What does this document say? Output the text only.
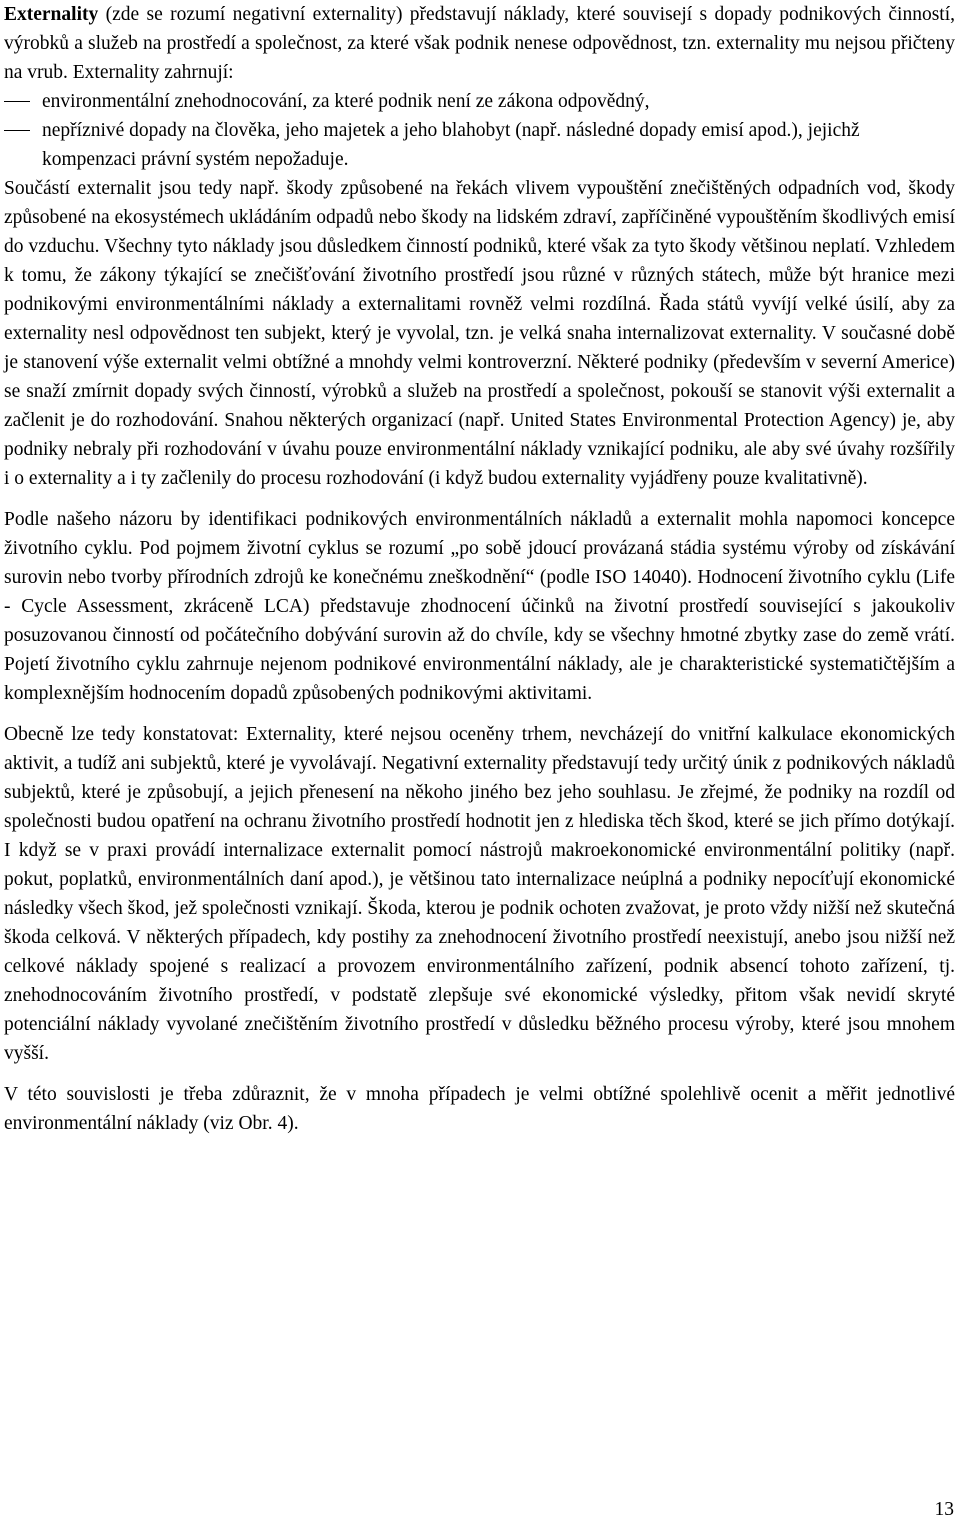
Externality (zde se rozumí negativní externality) představují náklady, které souvisejí s dopady podnikových činností, výrobků a služeb na prostředí a společnost, za které však podnik nenese odpovědnost, tzn. externality mu nejsou přičteny na vrub. Externality zahrnují:

environmentální znehodnocování, za které podnik není ze zákona odpovědný,
nepříznivé dopady na člověka, jeho majetek a jeho blahobyt (např. následné dopady emisí apod.), jejichž kompenzaci právní systém nepožaduje.

Součástí externalit jsou tedy např. škody způsobené na řekách vlivem vypouštění znečištěných odpadních vod, škody způsobené na ekosystémech ukládáním odpadů nebo škody na lidském zdraví, zapříčiněné vypouštěním škodlivých emisí do vzduchu. Všechny tyto náklady jsou důsledkem činností podniků, které však za tyto škody většinou neplatí. Vzhledem k tomu, že zákony týkající se znečišťování životního prostředí jsou různé v různých státech, může být hranice mezi podnikovými environmentálními náklady a externalitami rovněž velmi rozdílná. Řada států vyvíjí velké úsilí, aby za externality nesl odpovědnost ten subjekt, který je vyvolal, tzn. je velká snaha internalizovat externality. V současné době je stanovení výše externalit velmi obtížné a mnohdy velmi kontroverzní. Některé podniky (především v severní Americe) se snaží zmírnit dopady svých činností, výrobků a služeb na prostředí a společnost, pokouší se stanovit výši externalit a začlenit je do rozhodování. Snahou některých organizací (např. United States Environmental Protection Agency) je, aby podniky nebraly při rozhodování v úvahu pouze environmentální náklady vznikající podniku, ale aby své úvahy rozšířily i o externality a i ty začlenily do procesu rozhodování (i když budou externality vyjádřeny pouze kvalitativně).

Podle našeho názoru by identifikaci podnikových environmentálních nákladů a externalit mohla napomoci koncepce životního cyklu. Pod pojmem životní cyklus se rozumí „po sobě jdoucí provázaná stádia systému výroby od získávání surovin nebo tvorby přírodních zdrojů ke konečnému zneškodnění“ (podle ISO 14040). Hodnocení životního cyklu (Life - Cycle Assessment, zkráceně LCA) představuje zhodnocení účinků na životní prostředí související s jakoukoliv posuzovanou činností od počátečního dobývání surovin až do chvíle, kdy se všechny hmotné zbytky zase do země vrátí. Pojetí životního cyklu zahrnuje nejenom podnikové environmentální náklady, ale je charakteristické systematičtějším a komplexnějším hodnocením dopadů způsobených podnikovými aktivitami.

Obecně lze tedy konstatovat: Externality, které nejsou oceněny trhem, nevcházejí do vnitřní kalkulace ekonomických aktivit, a tudíž ani subjektů, které je vyvolávají. Negativní externality představují tedy určitý únik z podnikových nákladů subjektů, které je způsobují, a jejich přenesení na někoho jiného bez jeho souhlasu. Je zřejmé, že podniky na rozdíl od společnosti budou opatření na ochranu životního prostředí hodnotit jen z hlediska těch škod, které se jich přímo dotýkají. I když se v praxi provádí internalizace externalit pomocí nástrojů makroekonomické environmentální politiky (např. pokut, poplatků, environmentálních daní apod.), je většinou tato internalizace neúplná a podniky nepocíťují ekonomické následky všech škod, jež společnosti vznikají. Škoda, kterou je podnik ochoten zvažovat, je proto vždy nižší než skutečná škoda celková. V některých případech, kdy postihy za znehodnocení životního prostředí neexistují, anebo jsou nižší než celkové náklady spojené s realizací a provozem environmentálního zařízení, podnik absencí tohoto zařízení, tj. znehodnocováním životního prostředí, v podstatě zlepšuje své ekonomické výsledky, přitom však nevidí skryté potenciální náklady vyvolané znečištěním životního prostředí v důsledku běžného procesu výroby, které jsou mnohem vyšší.

V této souvislosti je třeba zdůraznit, že v mnoha případech je velmi obtížné spolehlivě ocenit a měřit jednotlivé environmentální náklady (viz Obr. 4).

13
